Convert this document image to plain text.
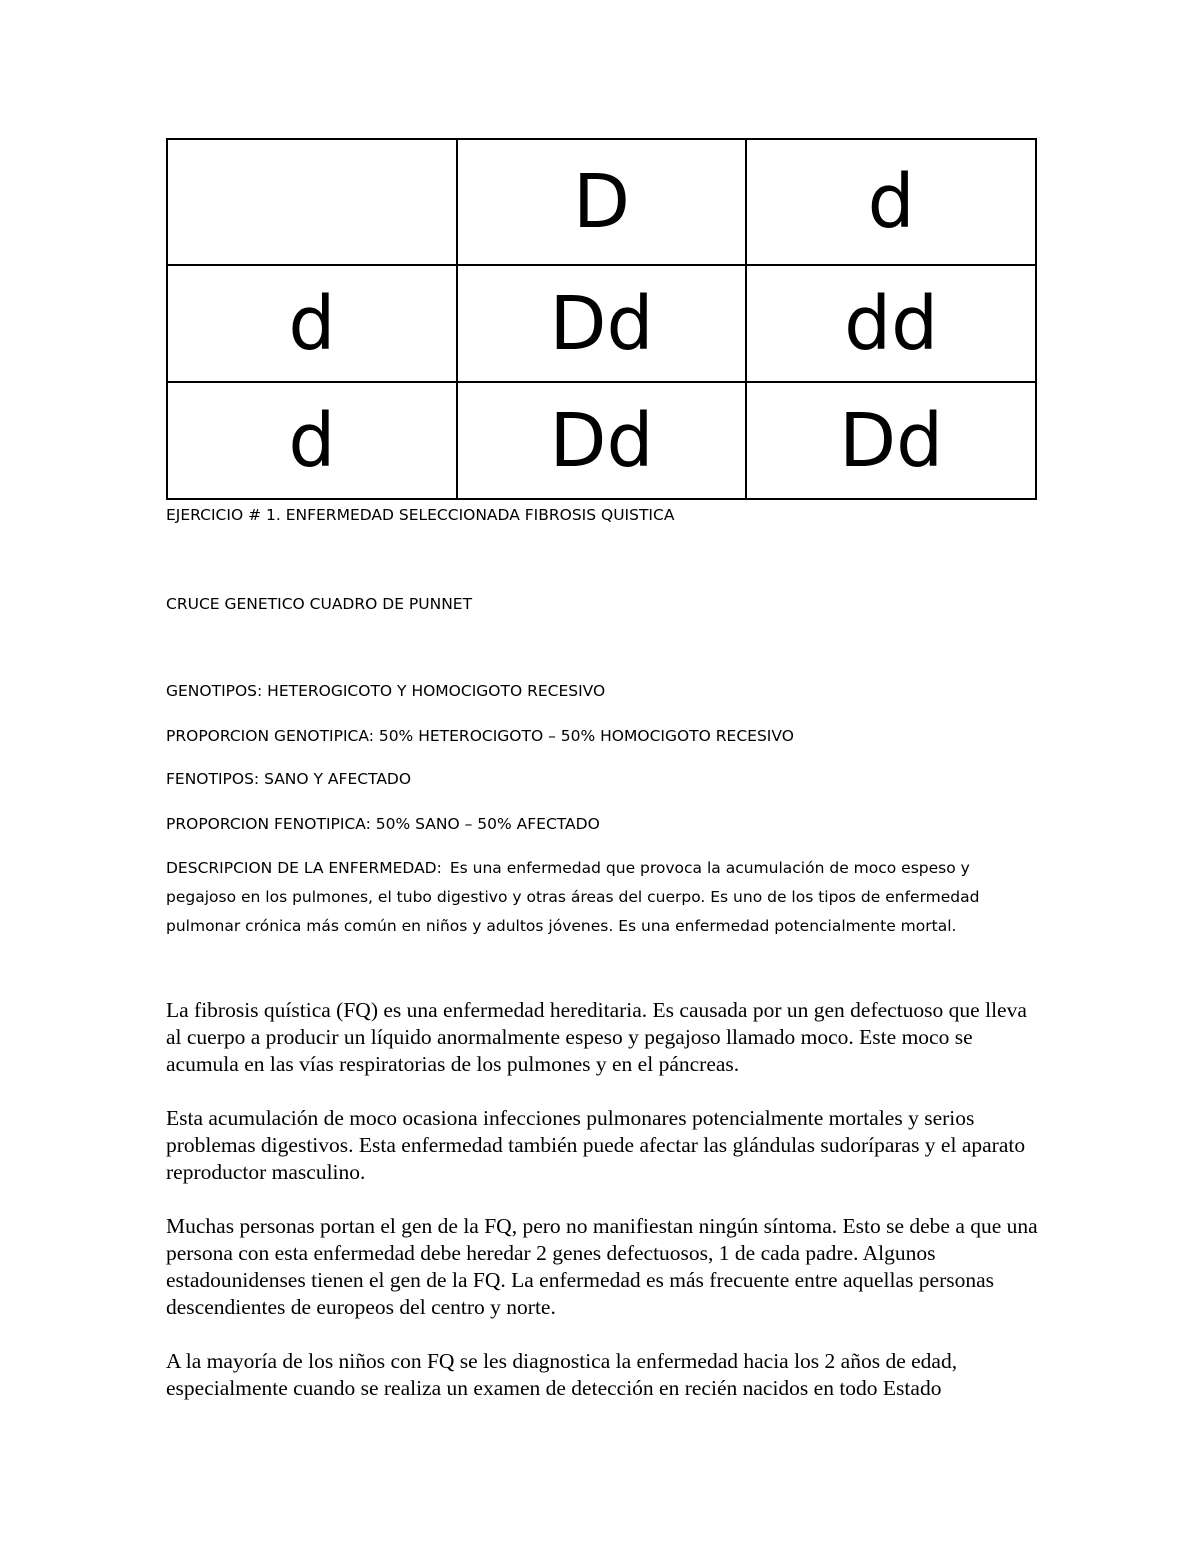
	D	d
d	Dd	dd
d	Dd	Dd
EJERCICIO # 1. ENFERMEDAD SELECCIONADA FIBROSIS QUISTICA
CRUCE GENETICO CUADRO DE PUNNET
GENOTIPOS: HETEROGICOTO Y HOMOCIGOTO RECESIVO
PROPORCION GENOTIPICA: 50% HETEROCIGOTO – 50% HOMOCIGOTO RECESIVO
FENOTIPOS: SANO Y AFECTADO
PROPORCION FENOTIPICA: 50% SANO – 50% AFECTADO
DESCRIPCION DE LA ENFERMEDAD: Es una enfermedad que provoca la acumulación de moco espeso y pegajoso en los pulmones, el tubo digestivo y otras áreas del cuerpo. Es uno de los tipos de enfermedad pulmonar crónica más común en niños y adultos jóvenes. Es una enfermedad potencialmente mortal.
La fibrosis quística (FQ) es una enfermedad hereditaria. Es causada por un gen defectuoso que lleva al cuerpo a producir un líquido anormalmente espeso y pegajoso llamado moco. Este moco se acumula en las vías respiratorias de los pulmones y en el páncreas.
Esta acumulación de moco ocasiona infecciones pulmonares potencialmente mortales y serios problemas digestivos. Esta enfermedad también puede afectar las glándulas sudoríparas y el aparato reproductor masculino.
Muchas personas portan el gen de la FQ, pero no manifiestan ningún síntoma. Esto se debe a que una persona con esta enfermedad debe heredar 2 genes defectuosos, 1 de cada padre. Algunos estadounidenses tienen el gen de la FQ. La enfermedad es más frecuente entre aquellas personas descendientes de europeos del centro y norte.
A la mayoría de los niños con FQ se les diagnostica la enfermedad hacia los 2 años de edad, especialmente cuando se realiza un examen de detección en recién nacidos en todo Estado
